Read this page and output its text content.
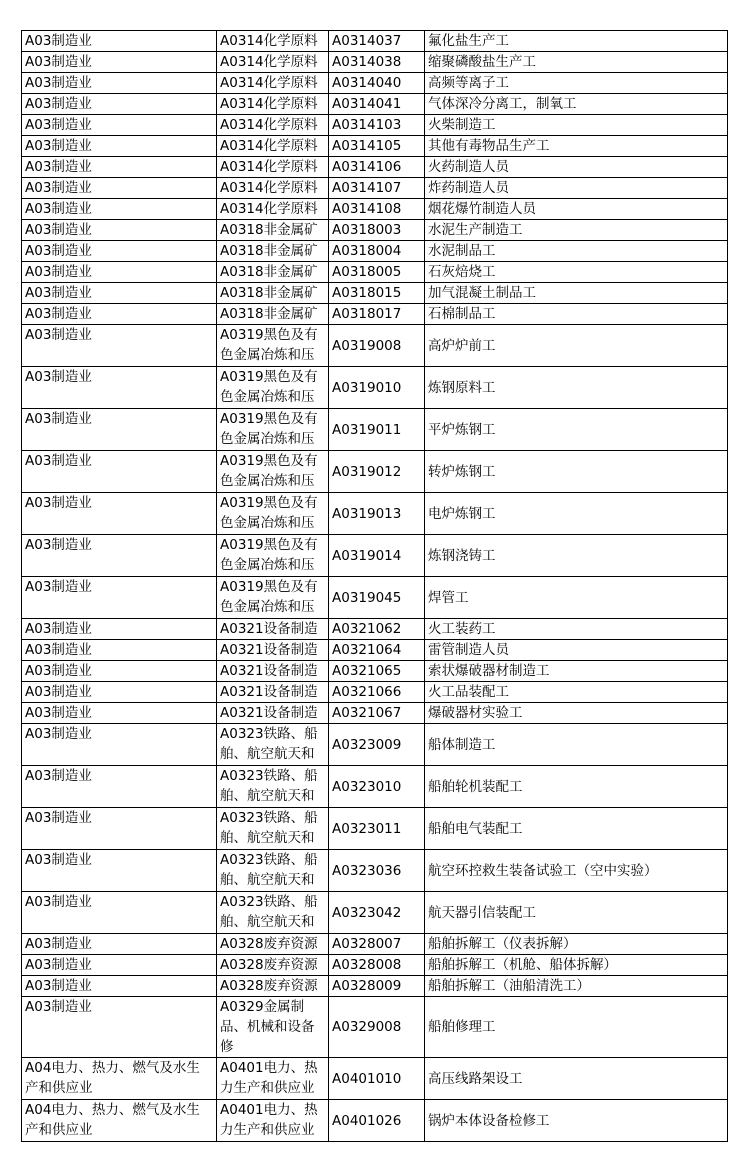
A03制造业	A0314化学原料	A0314037	氟化盐生产工
A03制造业	A0314化学原料	A0314038	缩聚磷酸盐生产工
A03制造业	A0314化学原料	A0314040	高频等离子工
A03制造业	A0314化学原料	A0314041	气体深冷分离工，制氧工
A03制造业	A0314化学原料	A0314103	火柴制造工
A03制造业	A0314化学原料	A0314105	其他有毒物品生产工
A03制造业	A0314化学原料	A0314106	火药制造人员
A03制造业	A0314化学原料	A0314107	炸药制造人员
A03制造业	A0314化学原料	A0314108	烟花爆竹制造人员
A03制造业	A0318非金属矿	A0318003	水泥生产制造工
A03制造业	A0318非金属矿	A0318004	水泥制品工
A03制造业	A0318非金属矿	A0318005	石灰焙烧工
A03制造业	A0318非金属矿	A0318015	加气混凝土制品工
A03制造业	A0318非金属矿	A0318017	石棉制品工
A03制造业	A0319黑色及有色金属冶炼和压	A0319008	高炉炉前工
A03制造业	A0319黑色及有色金属冶炼和压	A0319010	炼钢原料工
A03制造业	A0319黑色及有色金属冶炼和压	A0319011	平炉炼钢工
A03制造业	A0319黑色及有色金属冶炼和压	A0319012	转炉炼钢工
A03制造业	A0319黑色及有色金属冶炼和压	A0319013	电炉炼钢工
A03制造业	A0319黑色及有色金属冶炼和压	A0319014	炼钢浇铸工
A03制造业	A0319黑色及有色金属冶炼和压	A0319045	焊管工
A03制造业	A0321设备制造	A0321062	火工装药工
A03制造业	A0321设备制造	A0321064	雷管制造人员
A03制造业	A0321设备制造	A0321065	索状爆破器材制造工
A03制造业	A0321设备制造	A0321066	火工品装配工
A03制造业	A0321设备制造	A0321067	爆破器材实验工
A03制造业	A0323铁路、船舶、航空航天和	A0323009	船体制造工
A03制造业	A0323铁路、船舶、航空航天和	A0323010	船舶轮机装配工
A03制造业	A0323铁路、船舶、航空航天和	A0323011	船舶电气装配工
A03制造业	A0323铁路、船舶、航空航天和	A0323036	航空环控救生装备试验工（空中实验）
A03制造业	A0323铁路、船舶、航空航天和	A0323042	航天器引信装配工
A03制造业	A0328废弃资源	A0328007	船舶拆解工（仪表拆解）
A03制造业	A0328废弃资源	A0328008	船舶拆解工（机舱、船体拆解）
A03制造业	A0328废弃资源	A0328009	船舶拆解工（油船清洗工）
A03制造业	A0329金属制品、机械和设备修	A0329008	船舶修理工
A04电力、热力、燃气及水生产和供应业	A0401电力、热力生产和供应业	A0401010	高压线路架设工
A04电力、热力、燃气及水生产和供应业	A0401电力、热力生产和供应业	A0401026	锅炉本体设备检修工
